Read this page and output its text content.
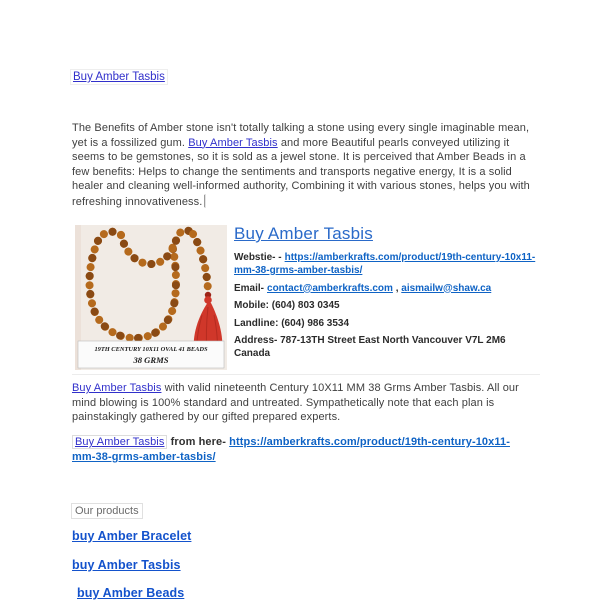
Buy Amber Tasbis
The Benefits of Amber stone isn't totally talking a stone using every single imaginable mean, yet is a fossilized gum. Buy Amber Tasbis and more Beautiful pearls conveyed utilizing it seems to be gemstones, so it is sold as a jewel stone. It is perceived that Amber Beads in a few benefits: Helps to change the sentiments and transports negative energy, It is a solid healer and cleaning well-informed authority, Combining it with various stones, helps you with refreshing innovativeness.
19TH CENTURY 10X11 OVAL 41 BEADS
38 GRMS
Buy Amber Tasbis
Webstie- - https://amberkrafts.com/product/19th-century-10x11-mm-38-grms-amber-tasbis/
Email- contact@amberkrafts.com , aismailw@shaw.ca
Mobile: (604) 803 0345
Landline: (604) 986 3534
Address- 787-13TH Street East North Vancouver V7L 2M6 Canada
Buy Amber Tasbis with valid nineteenth Century 10X11 MM 38 Grms Amber Tasbis. All our mind blowing is 100% standard and untreated. Sympathetically note that each plan is painstakingly gathered by our gifted prepared experts.
Buy Amber Tasbis from here- https://amberkrafts.com/product/19th-century-10x11-mm-38-grms-amber-tasbis/
Our products
buy Amber Bracelet
buy Amber Tasbis
buy Amber Beads
